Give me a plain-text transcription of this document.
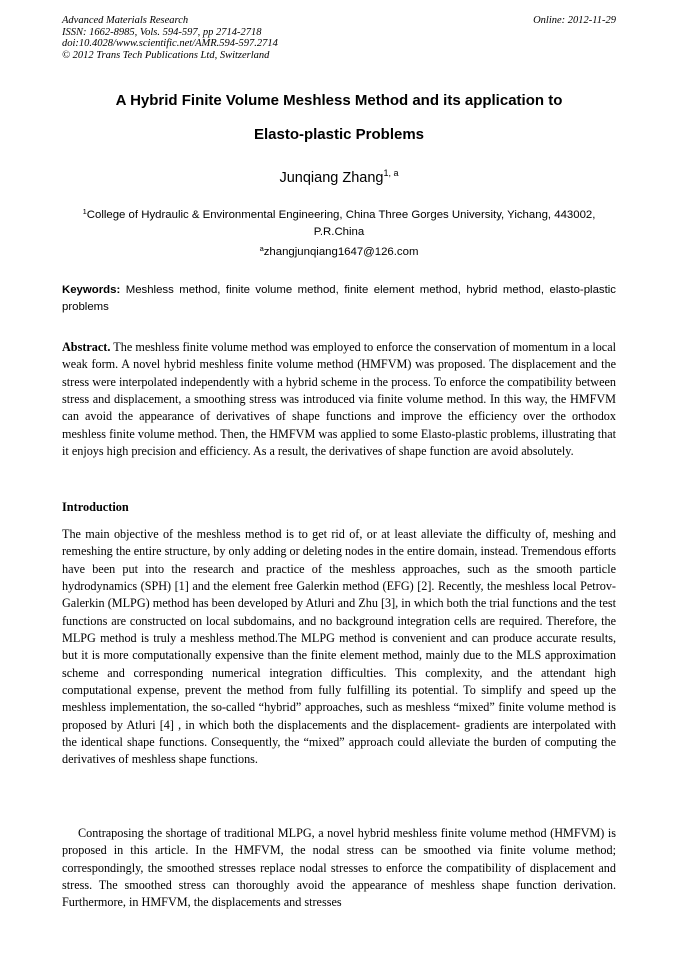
Advanced Materials Research
ISSN: 1662-8985, Vols. 594-597, pp 2714-2718
doi:10.4028/www.scientific.net/AMR.594-597.2714
© 2012 Trans Tech Publications Ltd, Switzerland
Online: 2012-11-29
A Hybrid Finite Volume Meshless Method and its application to
Elasto-plastic Problems
Junqiang Zhang$^{1, a}$
$^1$College of Hydraulic & Environmental Engineering, China Three Gorges University, Yichang, 443002, P.R.China
$^a$zhangjunqiang1647@126.com
Keywords: Meshless method, finite volume method, finite element method, hybrid method, elasto-plastic problems
Abstract. The meshless finite volume method was employed to enforce the conservation of momentum in a local weak form. A novel hybrid meshless finite volume method (HMFVM) was proposed. The displacement and the stress were interpolated independently with a hybrid scheme in the process. To enforce the compatibility between stress and displacement, a smoothing stress was introduced via finite volume method. In this way, the HMFVM can avoid the appearance of derivatives of shape functions and improve the efficiency over the orthodox meshless finite volume method. Then, the HMFVM was applied to some Elasto-plastic problems, illustrating that it enjoys high precision and efficiency. As a result, the derivatives of shape function are avoid absolutely.
Introduction
The main objective of the meshless method is to get rid of, or at least alleviate the difficulty of, meshing and remeshing the entire structure, by only adding or deleting nodes in the entire domain, instead. Tremendous efforts have been put into the research and practice of the meshless approaches, such as the smooth particle hydrodynamics (SPH) [1] and the element free Galerkin method (EFG) [2]. Recently, the meshless local Petrov-Galerkin (MLPG) method has been developed by Atluri and Zhu [3], in which both the trial functions and the test functions are constructed on local subdomains, and no background integration cells are required. Therefore, the MLPG method is truly a meshless method.The MLPG method is convenient and can produce accurate results, but it is more computationally expensive than the finite element method, mainly due to the MLS approximation scheme and corresponding numerical integration difficulties. This complexity, and the attendant high computational expense, prevent the method from fully fulfilling its potential. To simplify and speed up the meshless implementation, the so-called “hybrid” approaches, such as meshless “mixed” finite volume method is proposed by Atluri [4] , in which both the displacements and the displacement- gradients are interpolated with the identical shape functions. Consequently, the “mixed” approach could alleviate the burden of computing the derivatives of meshless shape functions.
Contraposing the shortage of traditional MLPG, a novel hybrid meshless finite volume method (HMFVM) is proposed in this article. In the HMFVM, the nodal stress can be smoothed via finite volume method; correspondingly, the smoothed stresses replace nodal stresses to enforce the compatibility of displacement and stress. The smoothed stress can thoroughly avoid the appearance of meshless shape function derivation. Furthermore, in HMFVM, the displacements and stresses
